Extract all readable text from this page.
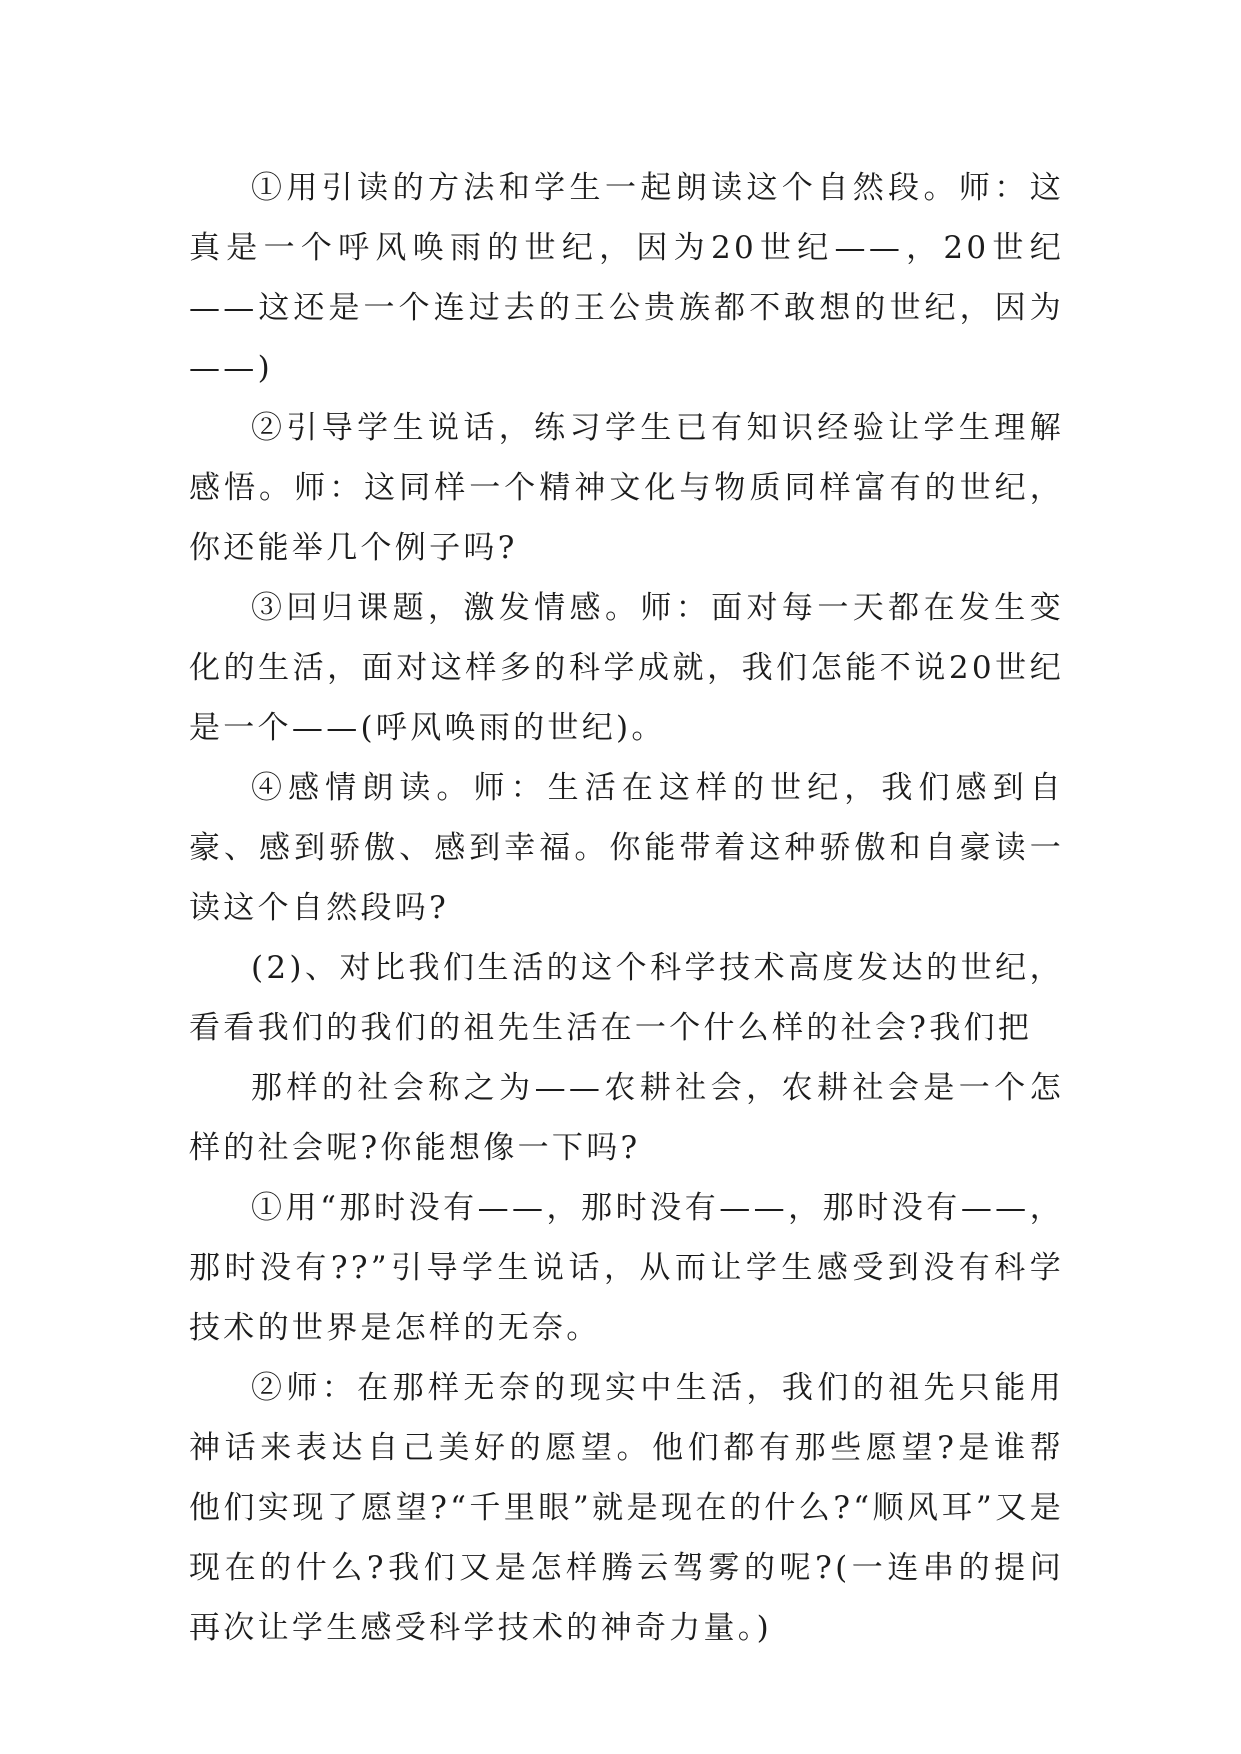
①用引读的方法和学生一起朗读这个自然段。师：这真是一个呼风唤雨的世纪，因为20世纪——，20世纪——这还是一个连过去的王公贵族都不敢想的世纪，因为——)

②引导学生说话，练习学生已有知识经验让学生理解感悟。师：这同样一个精神文化与物质同样富有的世纪，你还能举几个例子吗?

③回归课题，激发情感。师：面对每一天都在发生变化的生活，面对这样多的科学成就，我们怎能不说20世纪是一个——(呼风唤雨的世纪)。

④感情朗读。师：生活在这样的世纪，我们感到自豪、感到骄傲、感到幸福。你能带着这种骄傲和自豪读一读这个自然段吗?

(2)、对比我们生活的这个科学技术高度发达的世纪，看看我们的我们的祖先生活在一个什么样的社会?我们把

那样的社会称之为——农耕社会，农耕社会是一个怎样的社会呢?你能想像一下吗?

①用“那时没有——，那时没有——，那时没有——，那时没有??”引导学生说话，从而让学生感受到没有科学技术的世界是怎样的无奈。

②师：在那样无奈的现实中生活，我们的祖先只能用神话来表达自己美好的愿望。他们都有那些愿望?是谁帮他们实现了愿望?“千里眼”就是现在的什么?“顺风耳”又是现在的什么?我们又是怎样腾云驾雾的呢?(一连串的提问再次让学生感受科学技术的神奇力量。)
